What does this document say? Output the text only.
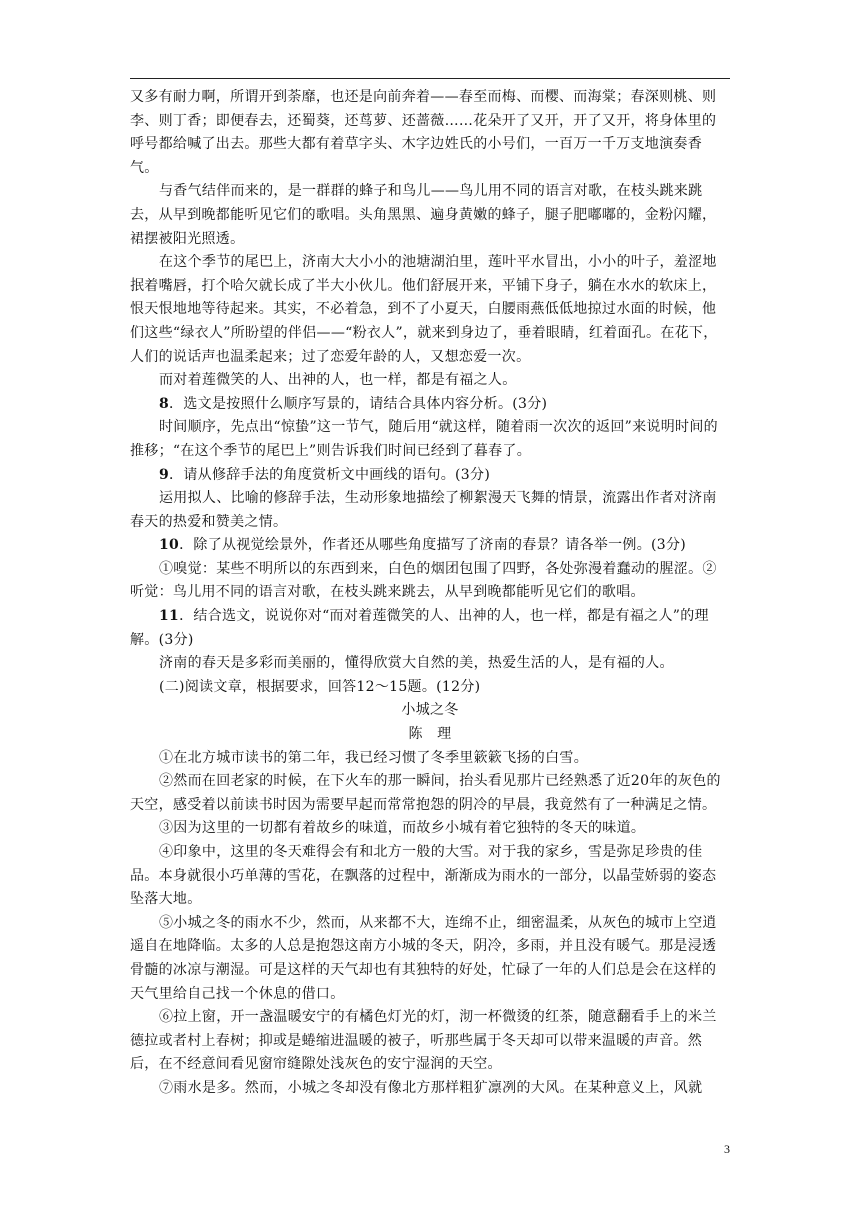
又多有耐力啊，所谓开到荼靡，也还是向前奔着——春至而梅、而樱、而海棠；春深则桃、则李、则丁香；即便春去，还蜀葵，还茑萝、还蔷薇……花朵开了又开，开了又开，将身体里的呼号都给喊了出去。那些大都有着草字头、木字边姓氏的小号们，一百万一千万支地演奏香气。

与香气结伴而来的，是一群群的蜂子和鸟儿——鸟儿用不同的语言对歌，在枝头跳来跳去，从早到晚都能听见它们的歌唱。头角黑黑、遍身黄嫩的蜂子，腿子肥嘟嘟的，金粉闪耀，裙摆被阳光照透。

在这个季节的尾巴上，济南大大小小的池塘湖泊里，莲叶平水冒出，小小的叶子，羞涩地抿着嘴唇，打个哈欠就长成了半大小伙儿。他们舒展开来，平铺下身子，躺在水水的软床上，恨天恨地地等待起来。其实，不必着急，到不了小夏天，白腰雨燕低低地掠过水面的时候，他们这些“绿衣人”所盼望的伴侣——“粉衣人”，就来到身边了，垂着眼睛，红着面孔。在花下，人们的说话声也温柔起来；过了恋爱年龄的人，又想恋爱一次。

而对着莲微笑的人、出神的人，也一样，都是有福之人。

8．选文是按照什么顺序写景的，请结合具体内容分析。(3分)

时间顺序，先点出“惊蛰”这一节气，随后用“就这样，随着雨一次次的返回”来说明时间的推移；“在这个季节的尾巴上”则告诉我们时间已经到了暮春了。

9．请从修辞手法的角度赏析文中画线的语句。(3分)

运用拟人、比喻的修辞手法，生动形象地描绘了柳絮漫天飞舞的情景，流露出作者对济南春天的热爱和赞美之情。

10．除了从视觉绘景外，作者还从哪些角度描写了济南的春景？请各举一例。(3分)

①嗅觉：某些不明所以的东西到来，白色的烟团包围了四野，各处弥漫着蠢动的腥涩。②听觉：鸟儿用不同的语言对歌，在枝头跳来跳去，从早到晚都能听见它们的歌唱。

11．结合选文，说说你对“而对着莲微笑的人、出神的人，也一样，都是有福之人”的理解。(3分)

济南的春天是多彩而美丽的，懂得欣赏大自然的美，热爱生活的人，是有福的人。

(二)阅读文章，根据要求，回答12～15题。(12分)

小城之冬

陈　理

①在北方城市读书的第二年，我已经习惯了冬季里簌簌飞扬的白雪。

②然而在回老家的时候，在下火车的那一瞬间，抬头看见那片已经熟悉了近20年的灰色的天空，感受着以前读书时因为需要早起而常常抱怨的阴冷的早晨，我竟然有了一种满足之情。

③因为这里的一切都有着故乡的味道，而故乡小城有着它独特的冬天的味道。

④印象中，这里的冬天难得会有和北方一般的大雪。对于我的家乡，雪是弥足珍贵的佳品。本身就很小巧单薄的雪花，在飘落的过程中，渐渐成为雨水的一部分，以晶莹娇弱的姿态坠落大地。

⑤小城之冬的雨水不少，然而，从来都不大，连绵不止，细密温柔，从灰色的城市上空逍遥自在地降临。太多的人总是抱怨这南方小城的冬天，阴冷，多雨，并且没有暖气。那是浸透骨髓的冰凉与潮湿。可是这样的天气却也有其独特的好处，忙碌了一年的人们总是会在这样的天气里给自己找一个休息的借口。

⑥拉上窗，开一盏温暖安宁的有橘色灯光的灯，沏一杯微烫的红茶，随意翻看手上的米兰德拉或者村上春树；抑或是蜷缩进温暖的被子，听那些属于冬天却可以带来温暖的声音。然后，在不经意间看见窗帘缝隙处浅灰色的安宁湿润的天空。

⑦雨水是多。然而，小城之冬却没有像北方那样粗犷凛冽的大风。在某种意义上，风就

3
